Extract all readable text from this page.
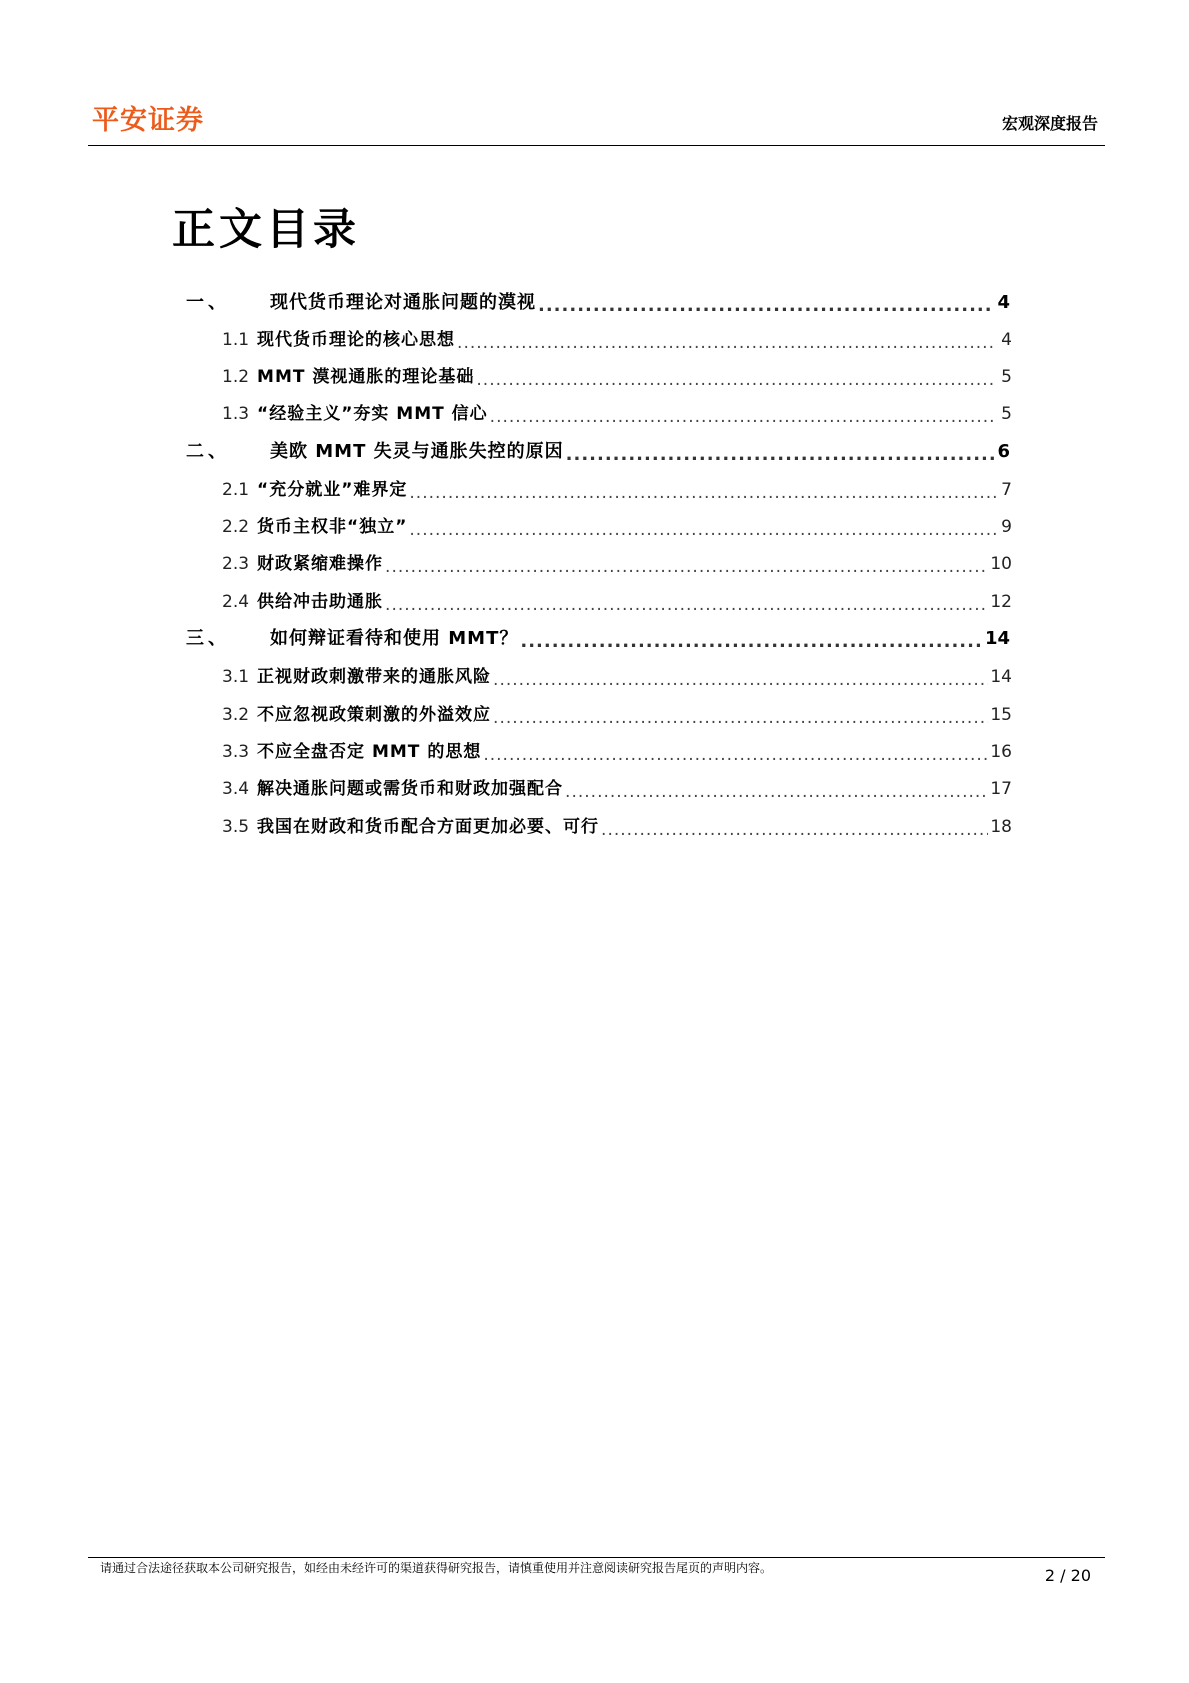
平安证券	宏观深度报告
正文目录
一、	现代货币理论对通胀问题的漠视 .....	4
1.1 现代货币理论的核心思想 .....	4
1.2 MMT 漠视通胀的理论基础 .....	5
1.3 “经验主义”夯实 MMT 信心 .....	5
二、	美欧 MMT 失灵与通胀失控的原因 .....	6
2.1 “充分就业”难界定 .....	7
2.2 货币主权非“独立” .....	9
2.3 财政紧缩难操作 .....	10
2.4 供给冲击助通胀 .....	12
三、	如何辩证看待和使用 MMT？ .....	14
3.1 正视财政刺激带来的通胀风险 .....	14
3.2 不应忽视政策刺激的外溢效应 .....	15
3.3 不应全盘否定 MMT 的思想 .....	16
3.4 解决通胀问题或需货币和财政加强配合 .....	17
3.5 我国在财政和货币配合方面更加必要、可行 .....	18
请通过合法途径获取本公司研究报告，如经由未经许可的渠道获得研究报告，请慎重使用并注意阅读研究报告尾页的声明内容。	2 / 20
